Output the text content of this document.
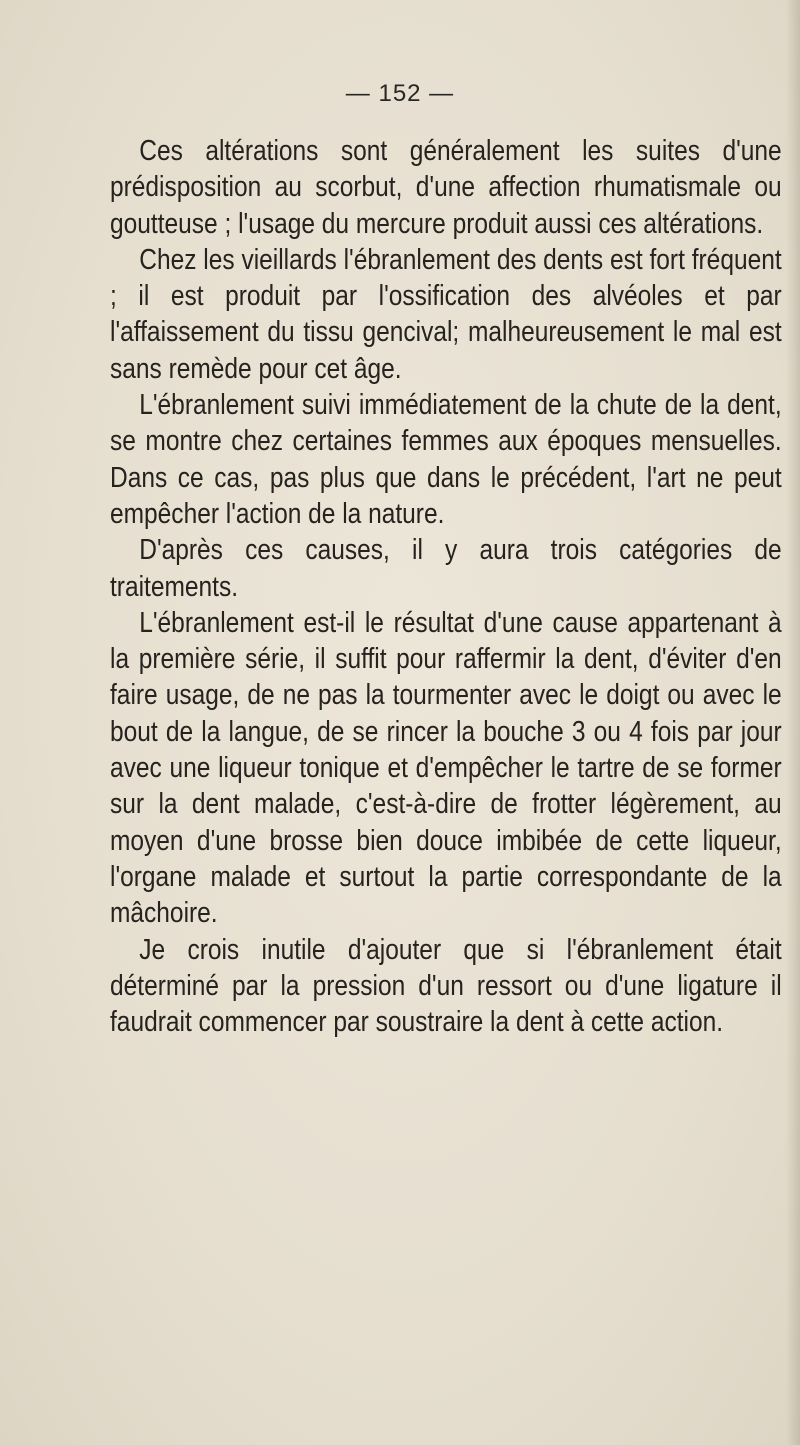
— 152 —

Ces altérations sont généralement les suites d'une prédisposition au scorbut, d'une affection rhumatismale ou goutteuse ; l'usage du mercure produit aussi ces altérations.

Chez les vieillards l'ébranlement des dents est fort fréquent ; il est produit par l'ossification des alvéoles et par l'affaissement du tissu gencival; malheureusement le mal est sans remède pour cet âge.

L'ébranlement suivi immédiatement de la chute de la dent, se montre chez certaines femmes aux époques mensuelles. Dans ce cas, pas plus que dans le précédent, l'art ne peut empêcher l'action de la nature.

D'après ces causes, il y aura trois catégories de traitements.

L'ébranlement est-il le résultat d'une cause appartenant à la première série, il suffit pour raffermir la dent, d'éviter d'en faire usage, de ne pas la tourmenter avec le doigt ou avec le bout de la langue, de se rincer la bouche 3 ou 4 fois par jour avec une liqueur tonique et d'empêcher le tartre de se former sur la dent malade, c'est-à-dire de frotter légèrement, au moyen d'une brosse bien douce imbibée de cette liqueur, l'organe malade et surtout la partie correspondante de la mâchoire.

Je crois inutile d'ajouter que si l'ébranlement était déterminé par la pression d'un ressort ou d'une ligature il faudrait commencer par soustraire la dent à cette action.
